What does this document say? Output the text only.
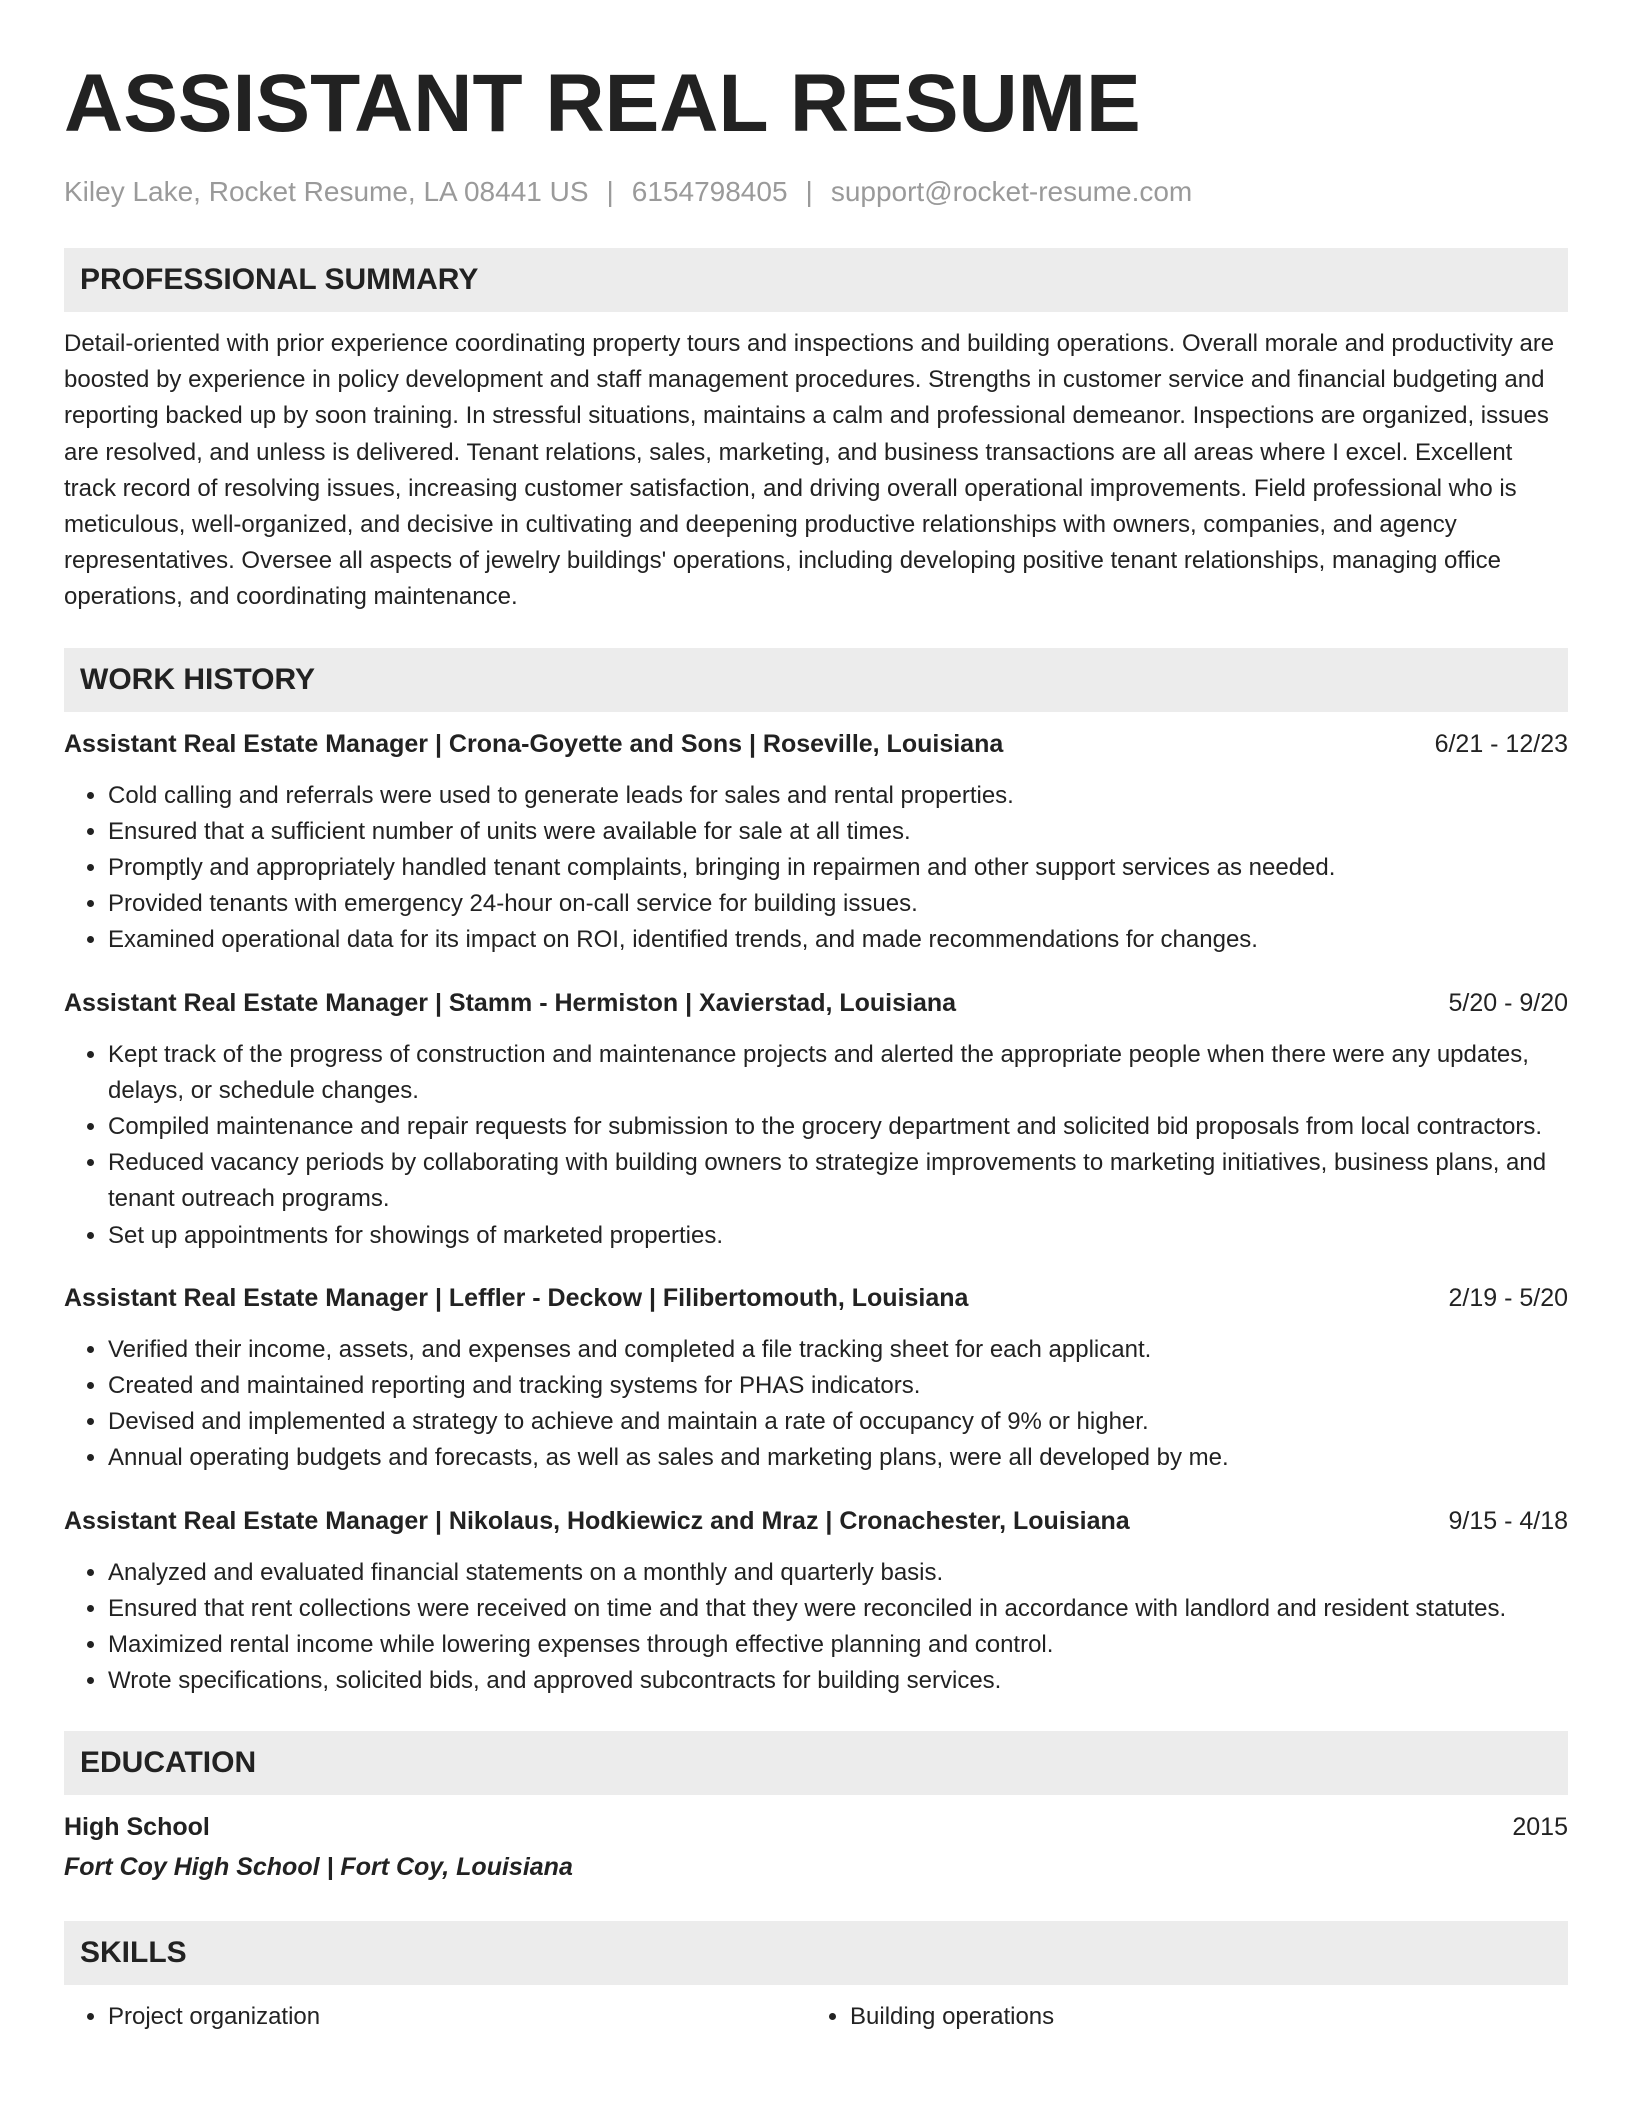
ASSISTANT REAL RESUME
Kiley Lake, Rocket Resume, LA 08441 US | 6154798405 | support@rocket-resume.com
PROFESSIONAL SUMMARY

Detail-oriented with prior experience coordinating property tours and inspections and building operations. Overall morale and productivity are boosted by experience in policy development and staff management procedures. Strengths in customer service and financial budgeting and reporting backed up by soon training. In stressful situations, maintains a calm and professional demeanor. Inspections are organized, issues are resolved, and unless is delivered. Tenant relations, sales, marketing, and business transactions are all areas where I excel. Excellent track record of resolving issues, increasing customer satisfaction, and driving overall operational improvements. Field professional who is meticulous, well-organized, and decisive in cultivating and deepening productive relationships with owners, companies, and agency representatives. Oversee all aspects of jewelry buildings' operations, including developing positive tenant relationships, managing office operations, and coordinating maintenance.

WORK HISTORY
Assistant Real Estate Manager | Crona-Goyette and Sons | Roseville, Louisiana	6/21 - 12/23
• Cold calling and referrals were used to generate leads for sales and rental properties.
• Ensured that a sufficient number of units were available for sale at all times.
• Promptly and appropriately handled tenant complaints, bringing in repairmen and other support services as needed.
• Provided tenants with emergency 24-hour on-call service for building issues.
• Examined operational data for its impact on ROI, identified trends, and made recommendations for changes.
Assistant Real Estate Manager | Stamm - Hermiston | Xavierstad, Louisiana	5/20 - 9/20
• Kept track of the progress of construction and maintenance projects and alerted the appropriate people when there were any updates, delays, or schedule changes.
• Compiled maintenance and repair requests for submission to the grocery department and solicited bid proposals from local contractors.
• Reduced vacancy periods by collaborating with building owners to strategize improvements to marketing initiatives, business plans, and tenant outreach programs.
• Set up appointments for showings of marketed properties.
Assistant Real Estate Manager | Leffler - Deckow | Filibertomouth, Louisiana	2/19 - 5/20
• Verified their income, assets, and expenses and completed a file tracking sheet for each applicant.
• Created and maintained reporting and tracking systems for PHAS indicators.
• Devised and implemented a strategy to achieve and maintain a rate of occupancy of 9% or higher.
• Annual operating budgets and forecasts, as well as sales and marketing plans, were all developed by me.
Assistant Real Estate Manager | Nikolaus, Hodkiewicz and Mraz | Cronachester, Louisiana	9/15 - 4/18
• Analyzed and evaluated financial statements on a monthly and quarterly basis.
• Ensured that rent collections were received on time and that they were reconciled in accordance with landlord and resident statutes.
• Maximized rental income while lowering expenses through effective planning and control.
• Wrote specifications, solicited bids, and approved subcontracts for building services.
EDUCATION
High School	2015
Fort Coy High School | Fort Coy, Louisiana
SKILLS
• Project organization
•	Building operations
